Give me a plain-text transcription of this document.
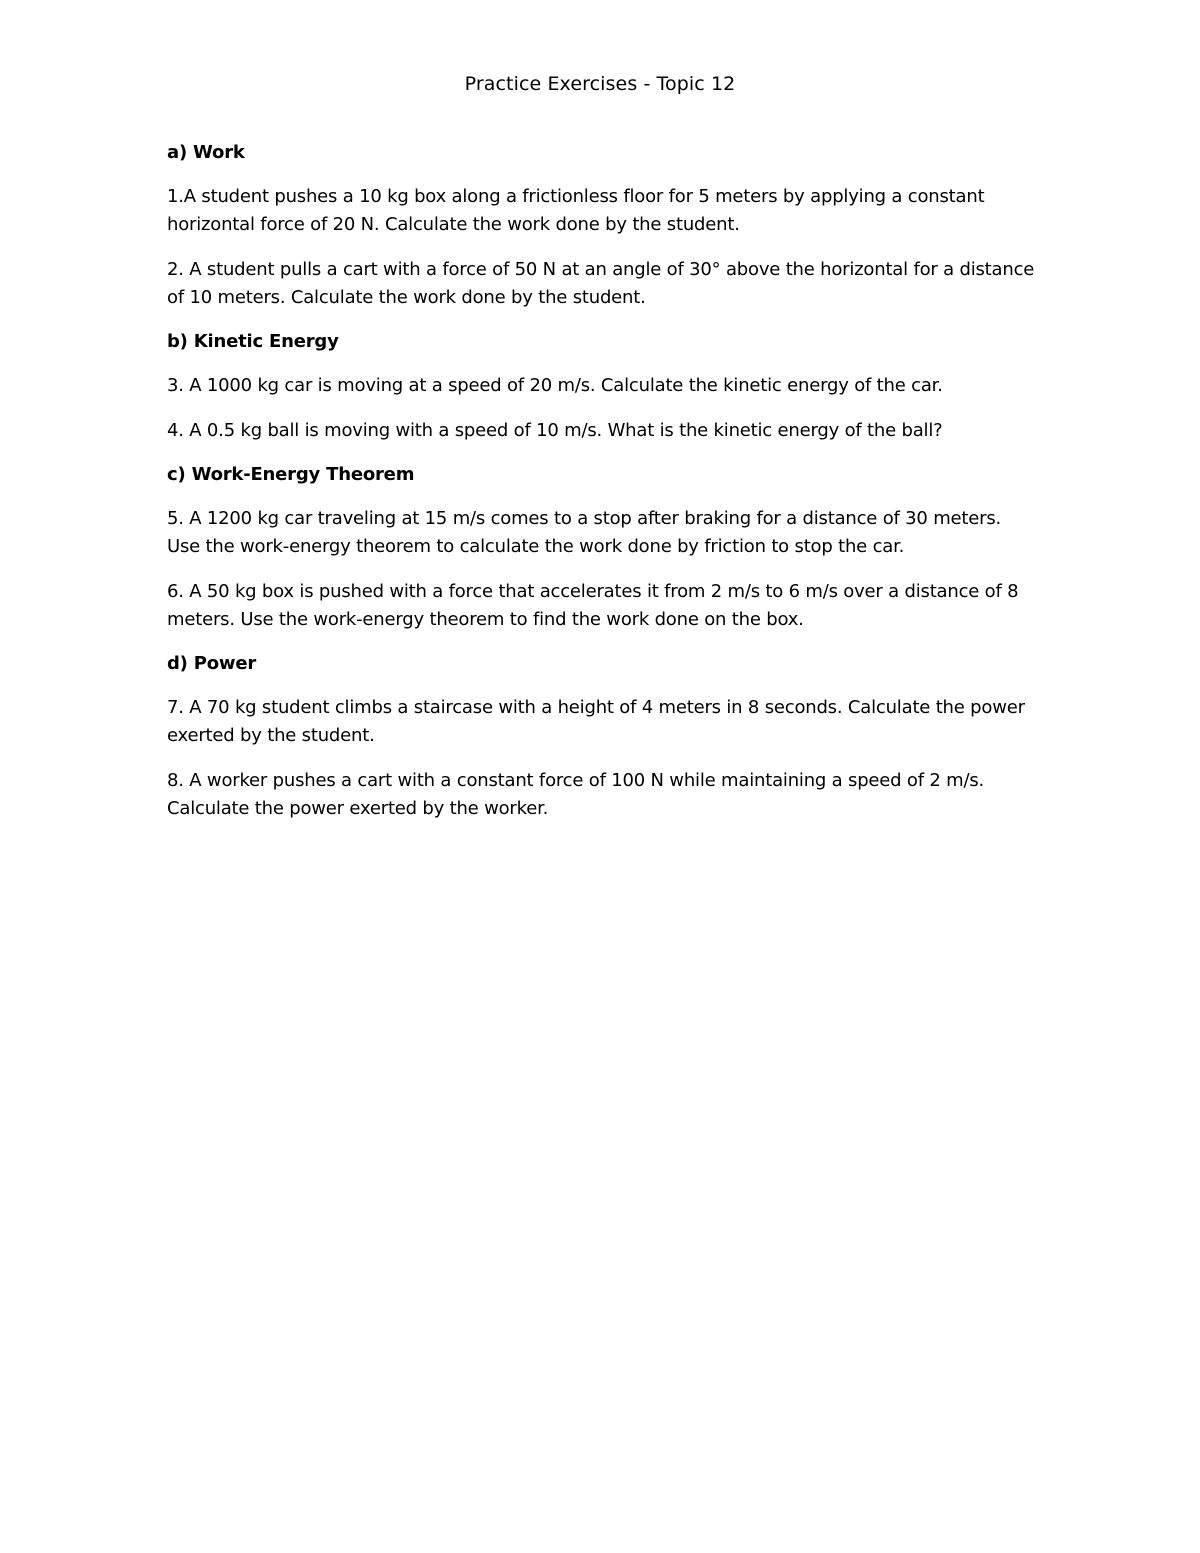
Practice Exercises - Topic 12

a) Work

1.A student pushes a 10 kg box along a frictionless floor for 5 meters by applying a constant horizontal force of 20 N. Calculate the work done by the student.

2. A student pulls a cart with a force of 50 N at an angle of 30° above the horizontal for a distance of 10 meters. Calculate the work done by the student.

b) Kinetic Energy

3. A 1000 kg car is moving at a speed of 20 m/s. Calculate the kinetic energy of the car.

4. A 0.5 kg ball is moving with a speed of 10 m/s. What is the kinetic energy of the ball?

c) Work-Energy Theorem

5. A 1200 kg car traveling at 15 m/s comes to a stop after braking for a distance of 30 meters. Use the work-energy theorem to calculate the work done by friction to stop the car.

6. A 50 kg box is pushed with a force that accelerates it from 2 m/s to 6 m/s over a distance of 8 meters. Use the work-energy theorem to find the work done on the box.

d) Power

7. A 70 kg student climbs a staircase with a height of 4 meters in 8 seconds. Calculate the power exerted by the student.

8. A worker pushes a cart with a constant force of 100 N while maintaining a speed of 2 m/s. Calculate the power exerted by the worker.
